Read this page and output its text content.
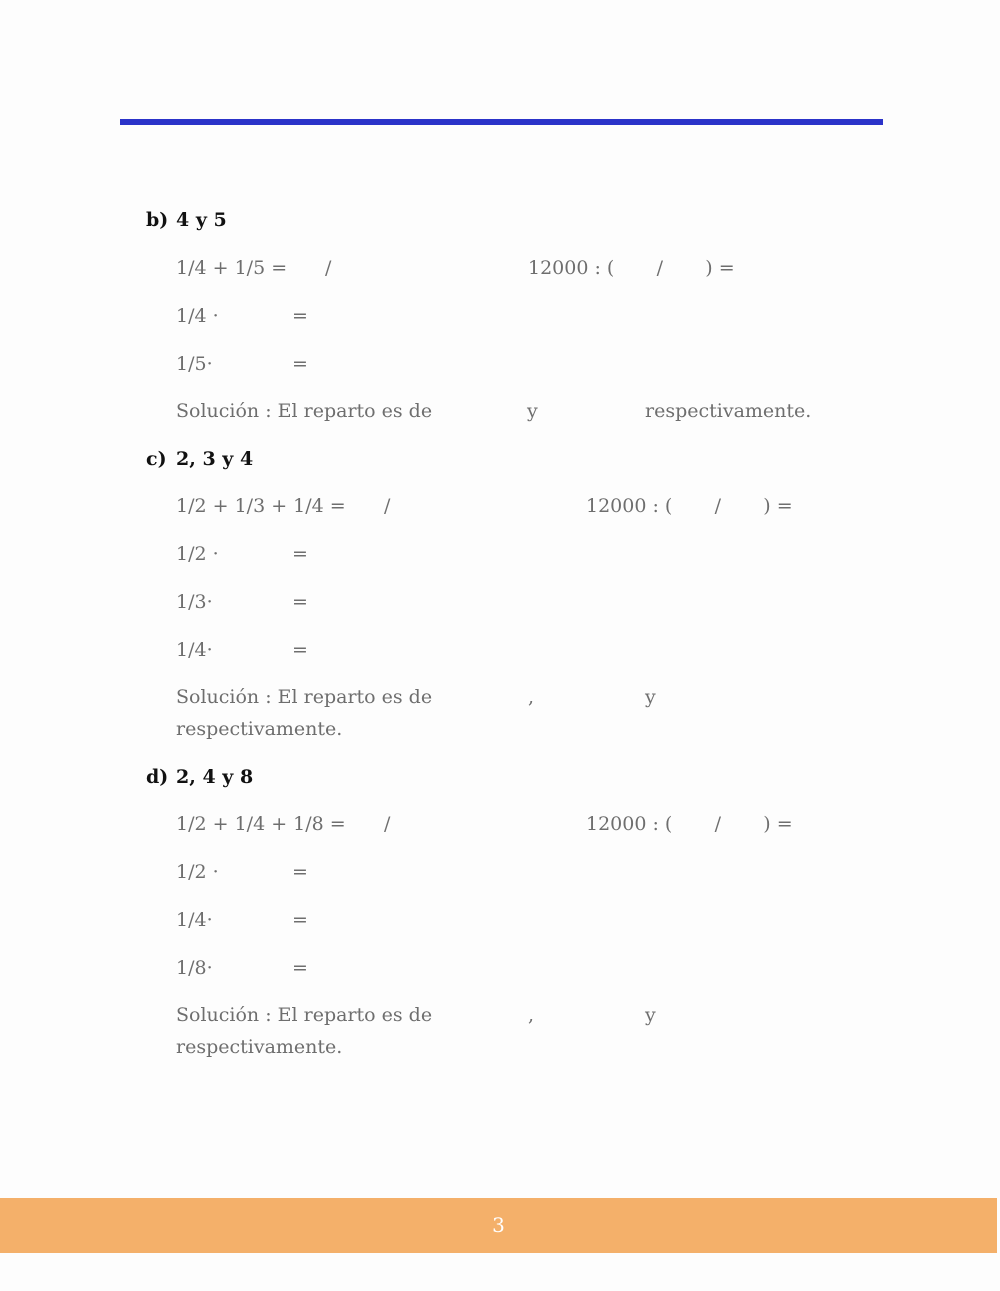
b) 4 y 5
1/4 + 1/5 = /	12000 : (       /       ) =
1/4 ·	=
1/5·	=
Solución : El reparto es de	y	respectivamente.
c) 2, 3 y 4
1/2 + 1/3 + 1/4 = /	12000 : (       /       ) =
1/2 ·	=
1/3·	=
1/4·	=
Solución : El reparto es de	,	y
respectivamente.
d) 2, 4 y 8
1/2 + 1/4 + 1/8 = /	12000 : (       /       ) =
1/2 ·	=
1/4·	=
1/8·	=
Solución : El reparto es de	,	y
respectivamente.
3
